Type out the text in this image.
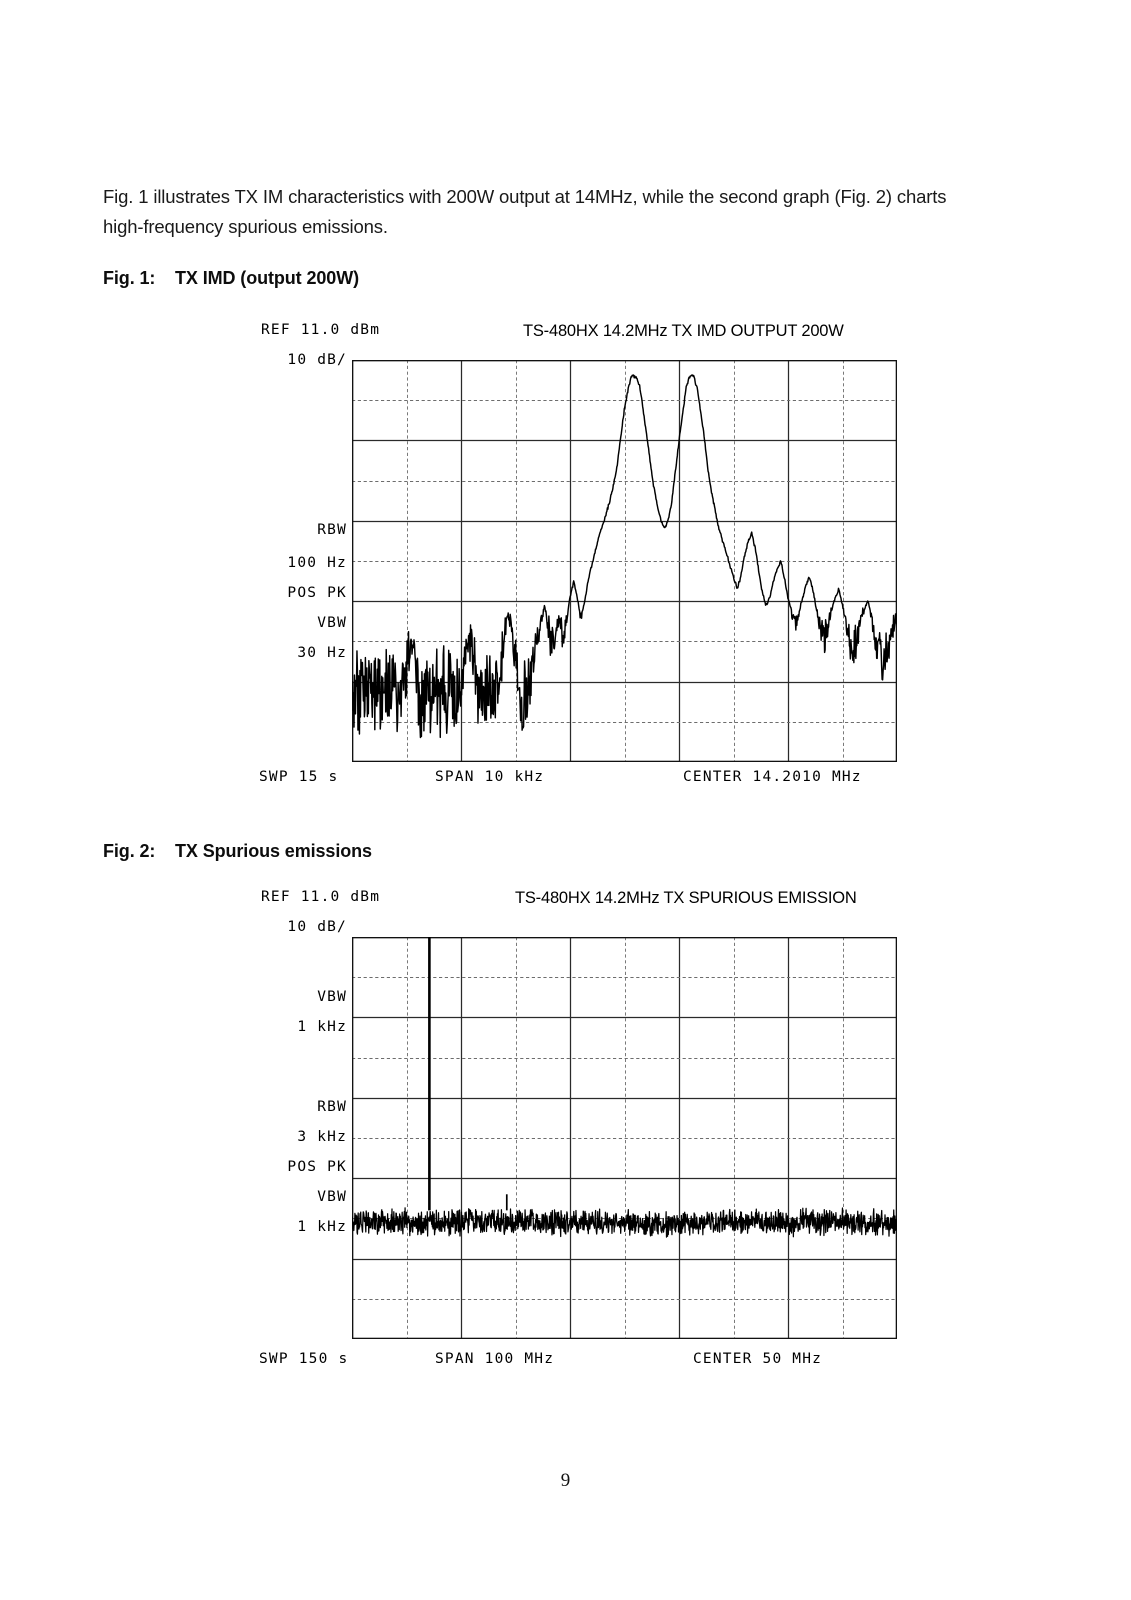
Fig. 1 illustrates TX IM characteristics with 200W output at 14MHz, while the second graph (Fig. 2) charts high-frequency spurious emissions.
Fig. 1: TX IMD (output 200W)
REF 11.0 dBm	TS-480HX 14.2MHz TX IMD OUTPUT 200W
10 dB/
RBW
100 Hz
POS PK
VBW
30 Hz
SWP 15 s	SPAN 10 kHz	CENTER 14.2010 MHz
Fig. 2: TX Spurious emissions
REF 11.0 dBm	TS-480HX 14.2MHz TX SPURIOUS EMISSION
10 dB/
VBW
1 kHz
RBW
3 kHz
POS PK
VBW
1 kHz
SWP 150 s	SPAN 100 MHz	CENTER 50 MHz
9
